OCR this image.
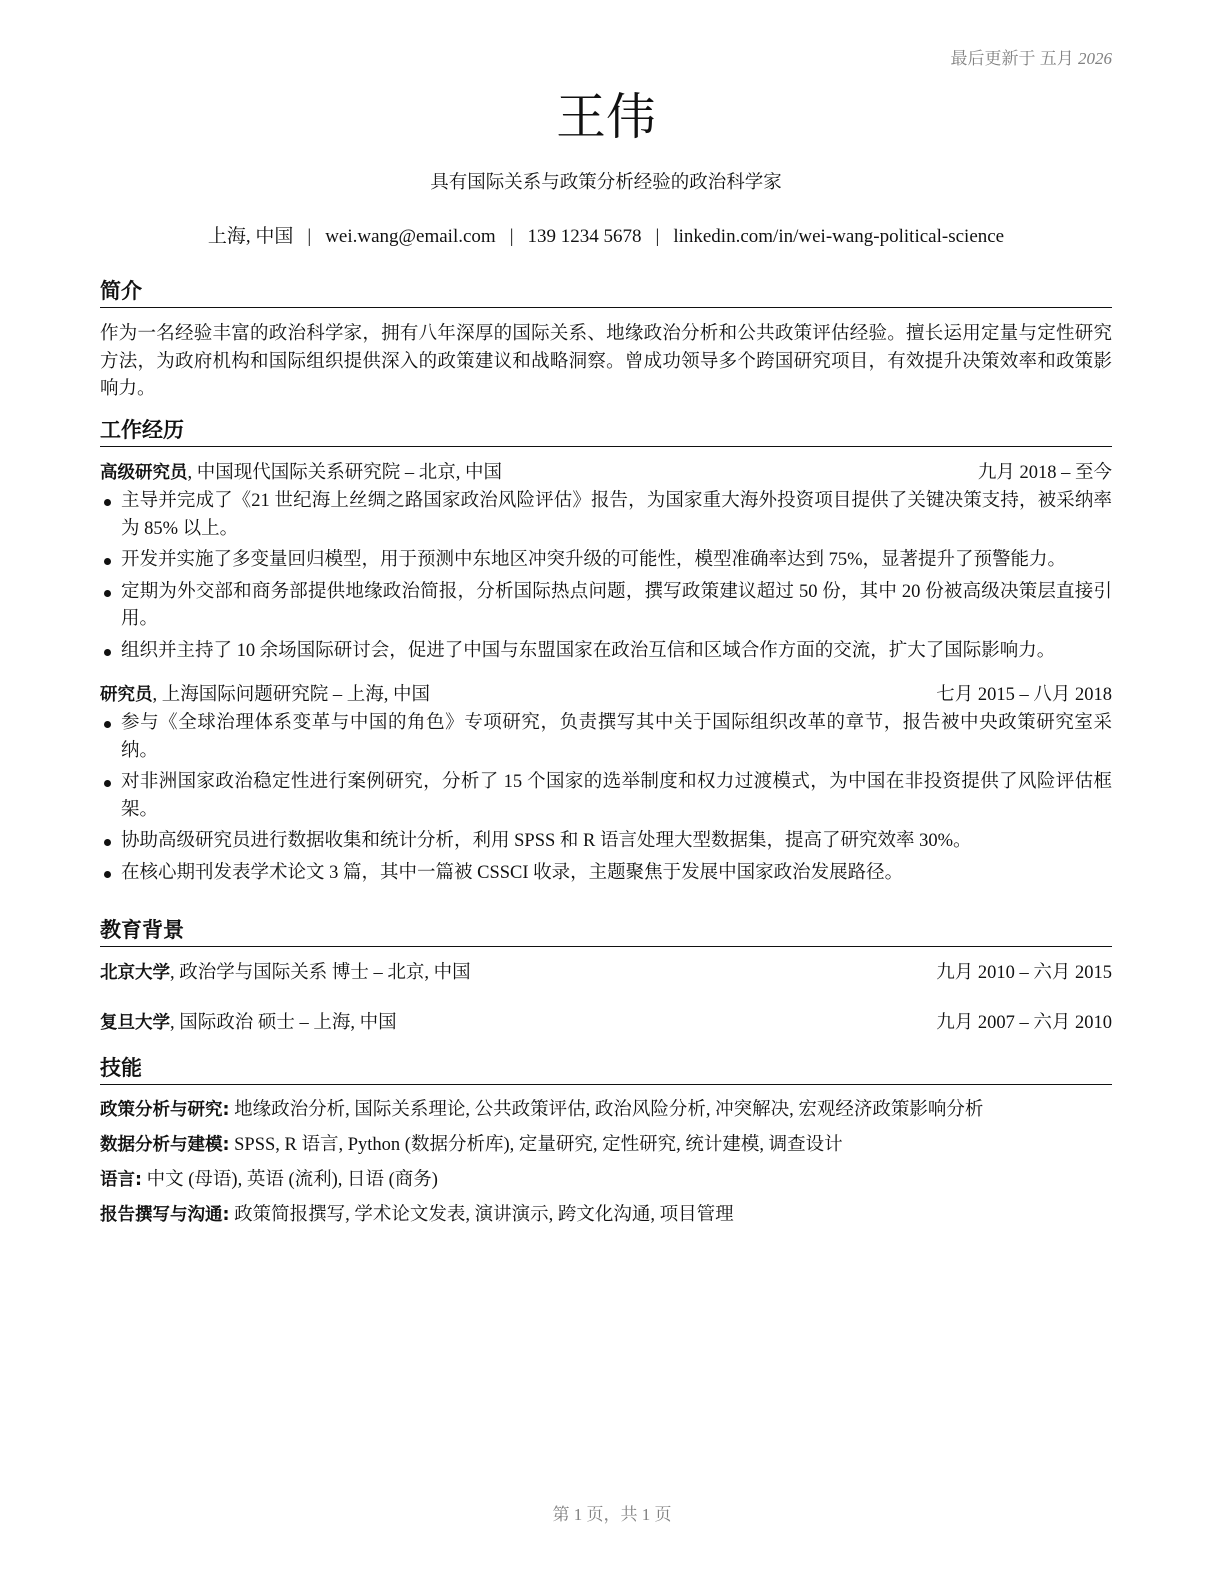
最后更新于 五月 2026
王伟
具有国际关系与政策分析经验的政治科学家
上海, 中国 | wei.wang@email.com | 139 1234 5678 | linkedin.com/in/wei-wang-political-science
简介

作为一名经验丰富的政治科学家，拥有八年深厚的国际关系、地缘政治分析和公共政策评估经验。擅长运用定量与定性研究方法，为政府机构和国际组织提供深入的政策建议和战略洞察。曾成功领导多个跨国研究项目，有效提升决策效率和政策影响力。

工作经历
高级研究员, 中国现代国际关系研究院 – 北京, 中国	九月 2018 – 至今
主导并完成了《21 世纪海上丝绸之路国家政治风险评估》报告，为国家重大海外投资项目提供了关键决策支持，被采纳率为 85% 以上。
开发并实施了多变量回归模型，用于预测中东地区冲突升级的可能性，模型准确率达到 75%，显著提升了预警能力。
定期为外交部和商务部提供地缘政治简报，分析国际热点问题，撰写政策建议超过 50 份，其中 20 份被高级决策层直接引用。
组织并主持了 10 余场国际研讨会，促进了中国与东盟国家在政治互信和区域合作方面的交流，扩大了国际影响力。
研究员, 上海国际问题研究院 – 上海, 中国	七月 2015 – 八月 2018
参与《全球治理体系变革与中国的角色》专项研究，负责撰写其中关于国际组织改革的章节，报告被中央政策研究室采纳。
对非洲国家政治稳定性进行案例研究，分析了 15 个国家的选举制度和权力过渡模式，为中国在非投资提供了风险评估框架。
协助高级研究员进行数据收集和统计分析，利用 SPSS 和 R 语言处理大型数据集，提高了研究效率 30%。
在核心期刊发表学术论文 3 篇，其中一篇被 CSSCI 收录，主题聚焦于发展中国家政治发展路径。
教育背景
北京大学, 政治学与国际关系 博士 – 北京, 中国	九月 2010 – 六月 2015
复旦大学, 国际政治 硕士 – 上海, 中国	九月 2007 – 六月 2010
技能
政策分析与研究: 地缘政治分析, 国际关系理论, 公共政策评估, 政治风险分析, 冲突解决, 宏观经济政策影响分析
数据分析与建模: SPSS, R 语言, Python (数据分析库), 定量研究, 定性研究, 统计建模, 调查设计
语言: 中文 (母语), 英语 (流利), 日语 (商务)
报告撰写与沟通: 政策简报撰写, 学术论文发表, 演讲演示, 跨文化沟通, 项目管理
第 1 页，共 1 页
